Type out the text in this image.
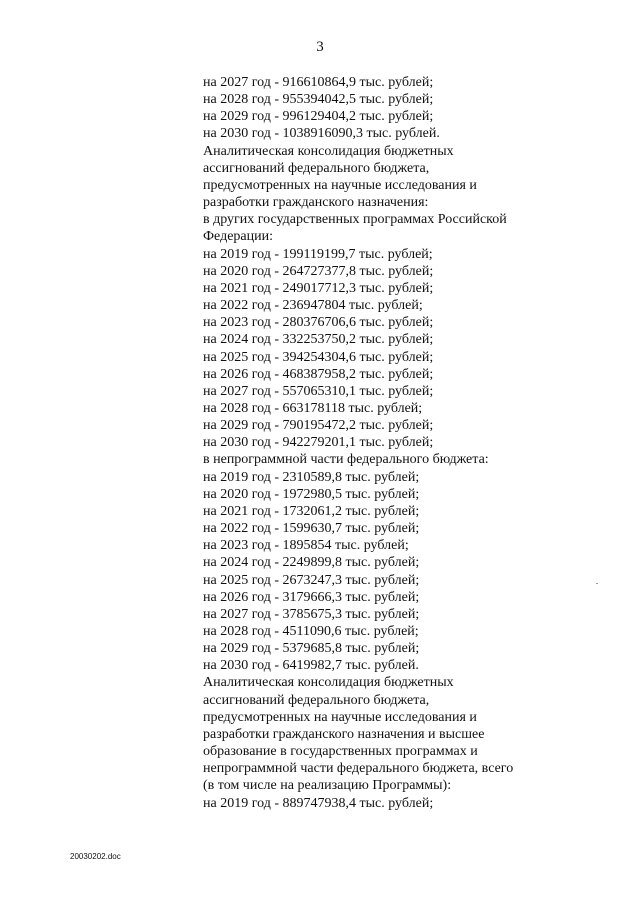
3
на 2027 год - 916610864,9 тыс. рублей;
на 2028 год - 955394042,5 тыс. рублей;
на 2029 год - 996129404,2 тыс. рублей;
на 2030 год - 1038916090,3 тыс. рублей.
Аналитическая консолидация бюджетных
ассигнований федерального бюджета,
предусмотренных на научные исследования и
разработки гражданского назначения:
в других государственных программах Российской
Федерации:
на 2019 год - 199119199,7 тыс. рублей;
на 2020 год - 264727377,8 тыс. рублей;
на 2021 год - 249017712,3 тыс. рублей;
на 2022 год - 236947804 тыс. рублей;
на 2023 год - 280376706,6 тыс. рублей;
на 2024 год - 332253750,2 тыс. рублей;
на 2025 год - 394254304,6 тыс. рублей;
на 2026 год - 468387958,2 тыс. рублей;
на 2027 год - 557065310,1 тыс. рублей;
на 2028 год - 663178118 тыс. рублей;
на 2029 год - 790195472,2 тыс. рублей;
на 2030 год - 942279201,1 тыс. рублей;
в непрограммной части федерального бюджета:
на 2019 год - 2310589,8 тыс. рублей;
на 2020 год - 1972980,5 тыс. рублей;
на 2021 год - 1732061,2 тыс. рублей;
на 2022 год - 1599630,7 тыс. рублей;
на 2023 год - 1895854 тыс. рублей;
на 2024 год - 2249899,8 тыс. рублей;
на 2025 год - 2673247,3 тыс. рублей;
на 2026 год - 3179666,3 тыс. рублей;
на 2027 год - 3785675,3 тыс. рублей;
на 2028 год - 4511090,6 тыс. рублей;
на 2029 год - 5379685,8 тыс. рублей;
на 2030 год - 6419982,7 тыс. рублей.
Аналитическая консолидация бюджетных
ассигнований федерального бюджета,
предусмотренных на научные исследования и
разработки гражданского назначения и высшее
образование в государственных программах и
непрограммной части федерального бюджета, всего
(в том числе на реализацию Программы):
на 2019 год - 889747938,4 тыс. рублей;
20030202.doc
